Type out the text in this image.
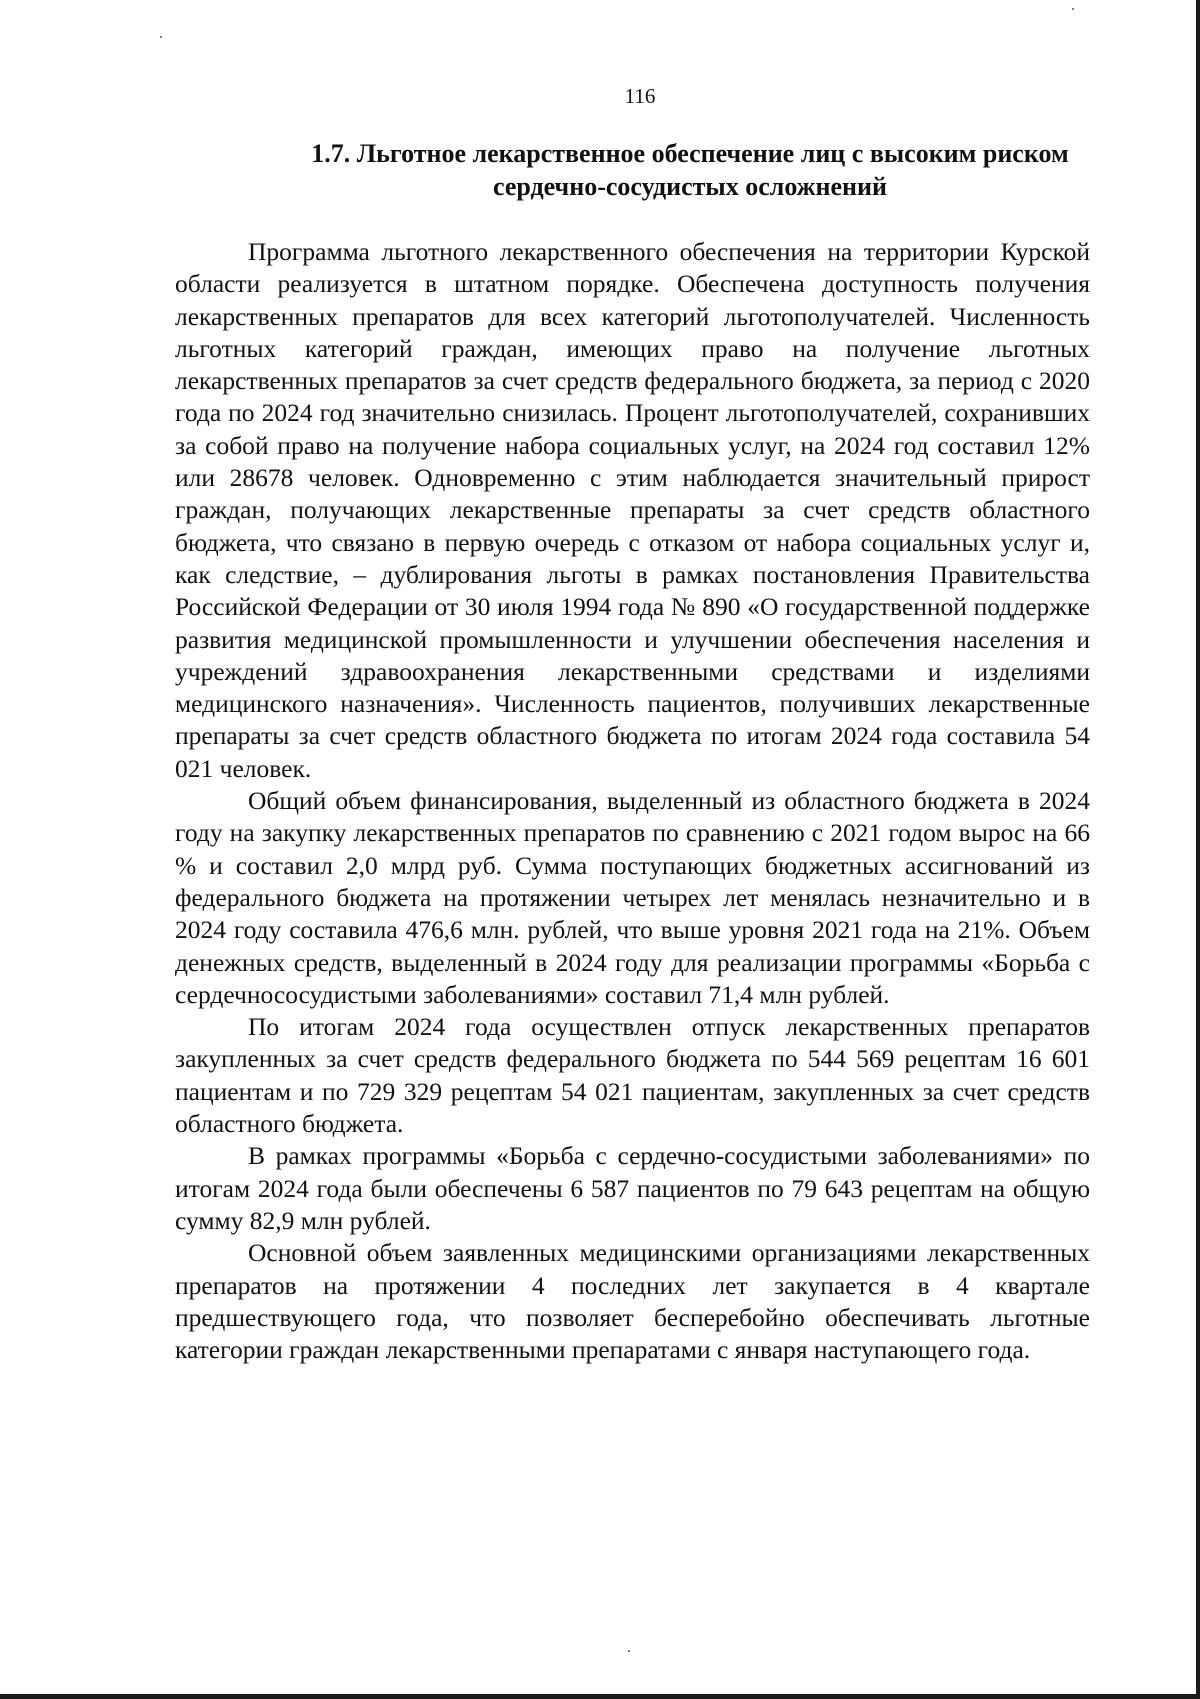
116
1.7. Льготное лекарственное обеспечение лиц с высоким риском
сердечно-сосудистых осложнений

Программа льготного лекарственного обеспечения на территории Курской области реализуется в штатном порядке. Обеспечена доступность получения лекарственных препаратов для всех категорий льготополучателей. Численность льготных категорий граждан, имеющих право на получение льготных лекарственных препаратов за счет средств федерального бюджета, за период с 2020 года по 2024 год значительно снизилась. Процент льготополучателей, сохранивших за собой право на получение набора социальных услуг, на 2024 год составил 12% или 28678 человек. Одновременно с этим наблюдается значительный прирост граждан, получающих лекарственные препараты за счет средств областного бюджета, что связано в первую очередь с отказом от набора социальных услуг и, как следствие, – дублирования льготы в рамках постановления Правительства Российской Федерации от 30 июля 1994 года № 890 «О государственной поддержке развития медицинской промышленности и улучшении обеспечения населения и учреждений здравоохранения лекарственными средствами и изделиями медицинского назначения». Численность пациентов, получивших лекарственные препараты за счет средств областного бюджета по итогам 2024 года составила 54 021 человек.

Общий объем финансирования, выделенный из областного бюджета в 2024 году на закупку лекарственных препаратов по сравнению с 2021 годом вырос на 66 % и составил 2,0 млрд руб. Сумма поступающих бюджетных ассигнований из федерального бюджета на протяжении четырех лет менялась незначительно и в 2024 году составила 476,6 млн. рублей, что выше уровня 2021 года на 21%. Объем денежных средств, выделенный в 2024 году для реализации программы «Борьба с сердечнососудистыми заболеваниями» составил 71,4 млн рублей.

По итогам 2024 года осуществлен отпуск лекарственных препаратов закупленных за счет средств федерального бюджета по 544 569 рецептам 16 601 пациентам и по 729 329 рецептам 54 021 пациентам, закупленных за счет средств областного бюджета.

В рамках программы «Борьба с сердечно-сосудистыми заболеваниями» по итогам 2024 года были обеспечены 6 587 пациентов по 79 643 рецептам на общую сумму 82,9 млн рублей.

Основной объем заявленных медицинскими организациями лекарственных препаратов на протяжении 4 последних лет закупается в 4 квартале предшествующего года, что позволяет бесперебойно обеспечивать льготные категории граждан лекарственными препаратами с января наступающего года.
